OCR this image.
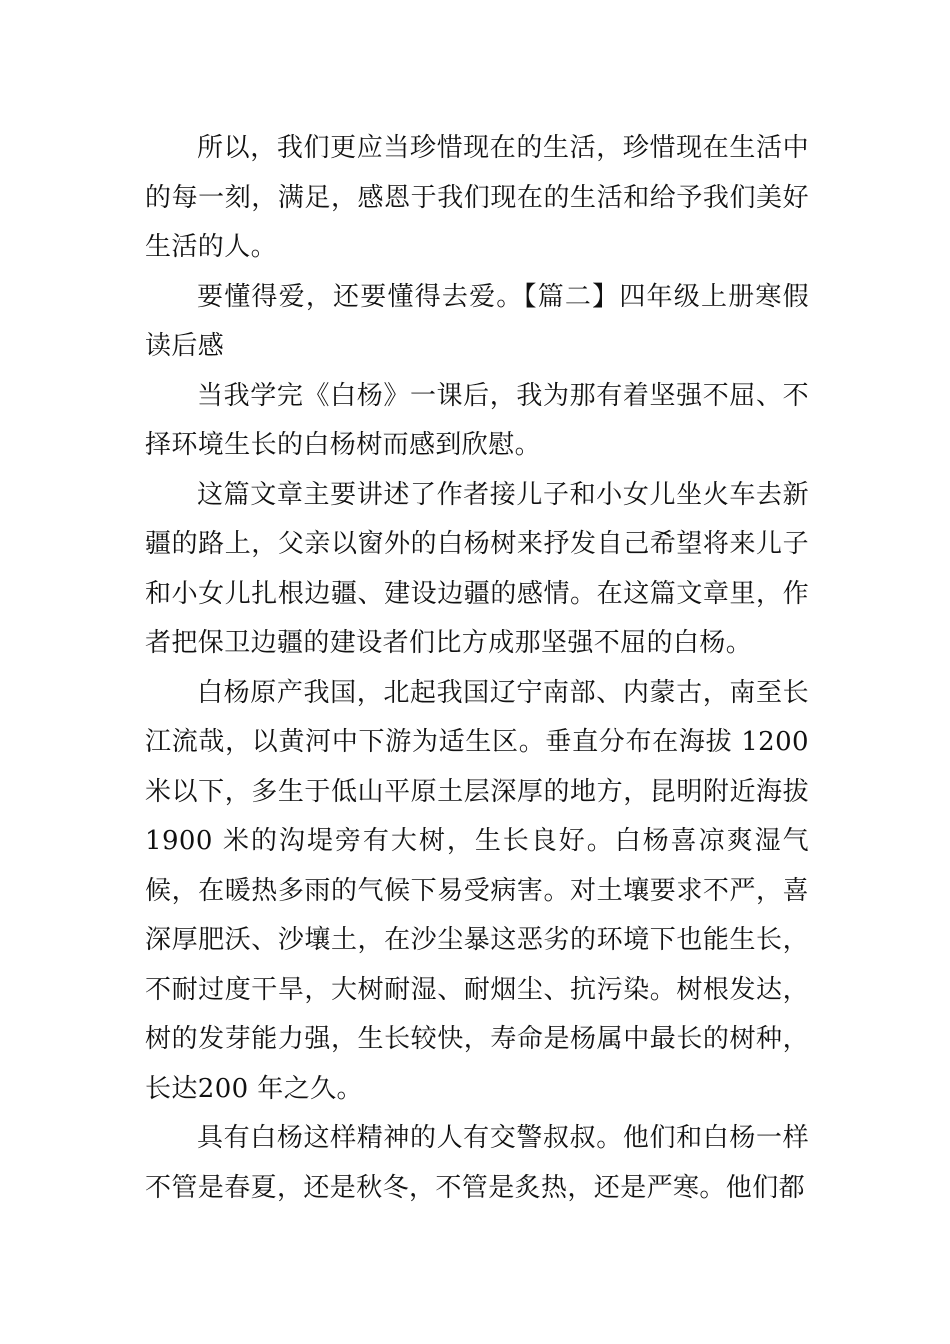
所以，我们更应当珍惜现在的生活，珍惜现在生活中的每一刻，满足，感恩于我们现在的生活和给予我们美好生活的人。

要懂得爱，还要懂得去爱。【篇二】四年级上册寒假读后感

当我学完《白杨》一课后，我为那有着坚强不屈、不择环境生长的白杨树而感到欣慰。

这篇文章主要讲述了作者接儿子和小女儿坐火车去新疆的路上，父亲以窗外的白杨树来抒发自己希望将来儿子和小女儿扎根边疆、建设边疆的感情。在这篇文章里，作者把保卫边疆的建设者们比方成那坚强不屈的白杨。

白杨原产我国，北起我国辽宁南部、内蒙古，南至长江流哉，以黄河中下游为适生区。垂直分布在海拔 1200 米以下，多生于低山平原土层深厚的地方，昆明附近海拔1900 米的沟堤旁有大树，生长良好。白杨喜凉爽湿气候，在暖热多雨的气候下易受病害。对土壤要求不严，喜深厚肥沃、沙壤土，在沙尘暴这恶劣的环境下也能生长，不耐过度干旱，大树耐湿、耐烟尘、抗污染。树根发达，树的发芽能力强，生长较快，寿命是杨属中最长的树种，长达200 年之久。

具有白杨这样精神的人有交警叔叔。他们和白杨一样不管是春夏，还是秋冬，不管是炙热，还是严寒。他们都
